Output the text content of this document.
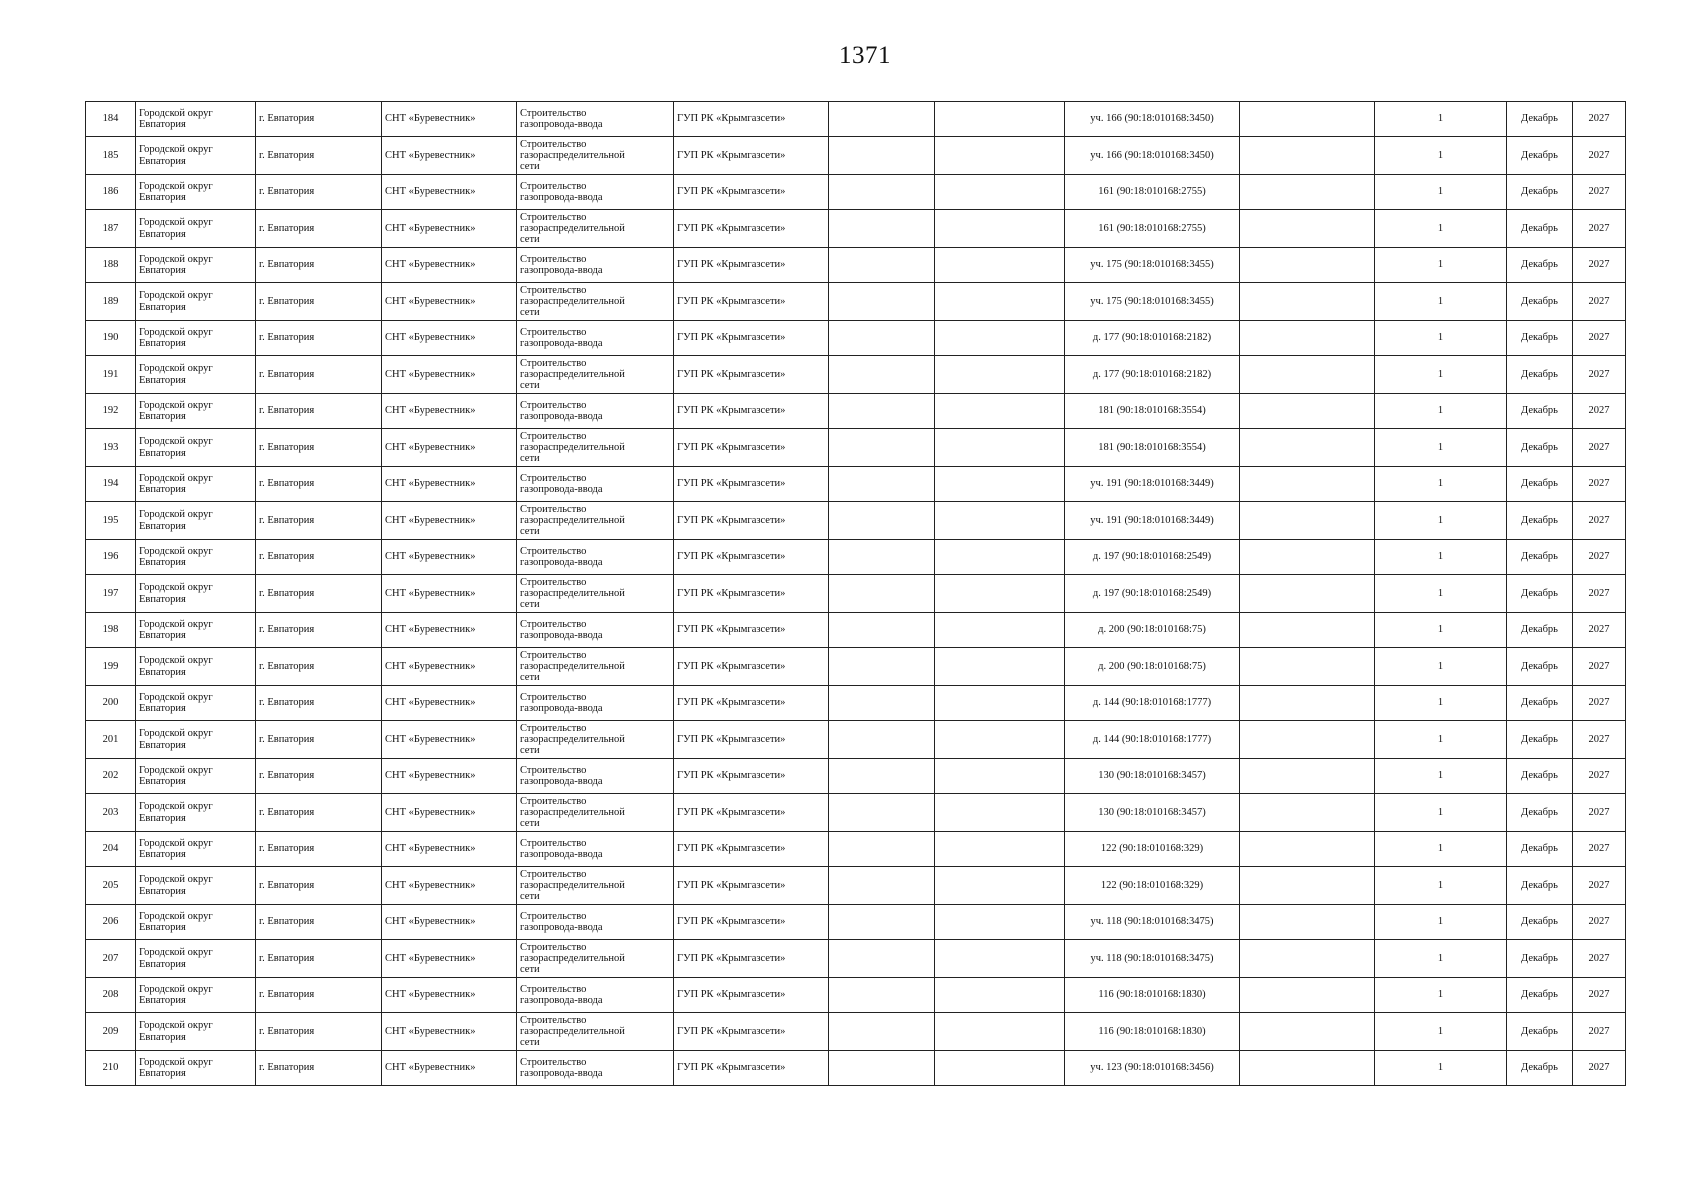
1371
184	Городской округ
Евпатория	г. Евпатория	СНТ «Буревестник»	Строительство
газопровода-ввода	ГУП РК «Крымгазсети»			уч. 166 (90:18:010168:3450)		1	Декабрь	2027
185	Городской округ
Евпатория	г. Евпатория	СНТ «Буревестник»	Строительство
газораспределительной
сети	ГУП РК «Крымгазсети»			уч. 166 (90:18:010168:3450)		1	Декабрь	2027
186	Городской округ
Евпатория	г. Евпатория	СНТ «Буревестник»	Строительство
газопровода-ввода	ГУП РК «Крымгазсети»			161 (90:18:010168:2755)		1	Декабрь	2027
187	Городской округ
Евпатория	г. Евпатория	СНТ «Буревестник»	Строительство
газораспределительной
сети	ГУП РК «Крымгазсети»			161 (90:18:010168:2755)		1	Декабрь	2027
188	Городской округ
Евпатория	г. Евпатория	СНТ «Буревестник»	Строительство
газопровода-ввода	ГУП РК «Крымгазсети»			уч. 175 (90:18:010168:3455)		1	Декабрь	2027
189	Городской округ
Евпатория	г. Евпатория	СНТ «Буревестник»	Строительство
газораспределительной
сети	ГУП РК «Крымгазсети»			уч. 175 (90:18:010168:3455)		1	Декабрь	2027
190	Городской округ
Евпатория	г. Евпатория	СНТ «Буревестник»	Строительство
газопровода-ввода	ГУП РК «Крымгазсети»			д. 177 (90:18:010168:2182)		1	Декабрь	2027
191	Городской округ
Евпатория	г. Евпатория	СНТ «Буревестник»	Строительство
газораспределительной
сети	ГУП РК «Крымгазсети»			д. 177 (90:18:010168:2182)		1	Декабрь	2027
192	Городской округ
Евпатория	г. Евпатория	СНТ «Буревестник»	Строительство
газопровода-ввода	ГУП РК «Крымгазсети»			181 (90:18:010168:3554)		1	Декабрь	2027
193	Городской округ
Евпатория	г. Евпатория	СНТ «Буревестник»	Строительство
газораспределительной
сети	ГУП РК «Крымгазсети»			181 (90:18:010168:3554)		1	Декабрь	2027
194	Городской округ
Евпатория	г. Евпатория	СНТ «Буревестник»	Строительство
газопровода-ввода	ГУП РК «Крымгазсети»			уч. 191 (90:18:010168:3449)		1	Декабрь	2027
195	Городской округ
Евпатория	г. Евпатория	СНТ «Буревестник»	Строительство
газораспределительной
сети	ГУП РК «Крымгазсети»			уч. 191 (90:18:010168:3449)		1	Декабрь	2027
196	Городской округ
Евпатория	г. Евпатория	СНТ «Буревестник»	Строительство
газопровода-ввода	ГУП РК «Крымгазсети»			д. 197 (90:18:010168:2549)		1	Декабрь	2027
197	Городской округ
Евпатория	г. Евпатория	СНТ «Буревестник»	Строительство
газораспределительной
сети	ГУП РК «Крымгазсети»			д. 197 (90:18:010168:2549)		1	Декабрь	2027
198	Городской округ
Евпатория	г. Евпатория	СНТ «Буревестник»	Строительство
газопровода-ввода	ГУП РК «Крымгазсети»			д. 200 (90:18:010168:75)		1	Декабрь	2027
199	Городской округ
Евпатория	г. Евпатория	СНТ «Буревестник»	Строительство
газораспределительной
сети	ГУП РК «Крымгазсети»			д. 200 (90:18:010168:75)		1	Декабрь	2027
200	Городской округ
Евпатория	г. Евпатория	СНТ «Буревестник»	Строительство
газопровода-ввода	ГУП РК «Крымгазсети»			д. 144 (90:18:010168:1777)		1	Декабрь	2027
201	Городской округ
Евпатория	г. Евпатория	СНТ «Буревестник»	Строительство
газораспределительной
сети	ГУП РК «Крымгазсети»			д. 144 (90:18:010168:1777)		1	Декабрь	2027
202	Городской округ
Евпатория	г. Евпатория	СНТ «Буревестник»	Строительство
газопровода-ввода	ГУП РК «Крымгазсети»			130 (90:18:010168:3457)		1	Декабрь	2027
203	Городской округ
Евпатория	г. Евпатория	СНТ «Буревестник»	Строительство
газораспределительной
сети	ГУП РК «Крымгазсети»			130 (90:18:010168:3457)		1	Декабрь	2027
204	Городской округ
Евпатория	г. Евпатория	СНТ «Буревестник»	Строительство
газопровода-ввода	ГУП РК «Крымгазсети»			122 (90:18:010168:329)		1	Декабрь	2027
205	Городской округ
Евпатория	г. Евпатория	СНТ «Буревестник»	Строительство
газораспределительной
сети	ГУП РК «Крымгазсети»			122 (90:18:010168:329)		1	Декабрь	2027
206	Городской округ
Евпатория	г. Евпатория	СНТ «Буревестник»	Строительство
газопровода-ввода	ГУП РК «Крымгазсети»			уч. 118 (90:18:010168:3475)		1	Декабрь	2027
207	Городской округ
Евпатория	г. Евпатория	СНТ «Буревестник»	Строительство
газораспределительной
сети	ГУП РК «Крымгазсети»			уч. 118 (90:18:010168:3475)		1	Декабрь	2027
208	Городской округ
Евпатория	г. Евпатория	СНТ «Буревестник»	Строительство
газопровода-ввода	ГУП РК «Крымгазсети»			116 (90:18:010168:1830)		1	Декабрь	2027
209	Городской округ
Евпатория	г. Евпатория	СНТ «Буревестник»	Строительство
газораспределительной
сети	ГУП РК «Крымгазсети»			116 (90:18:010168:1830)		1	Декабрь	2027
210	Городской округ
Евпатория	г. Евпатория	СНТ «Буревестник»	Строительство
газопровода-ввода	ГУП РК «Крымгазсети»			уч. 123 (90:18:010168:3456)		1	Декабрь	2027
